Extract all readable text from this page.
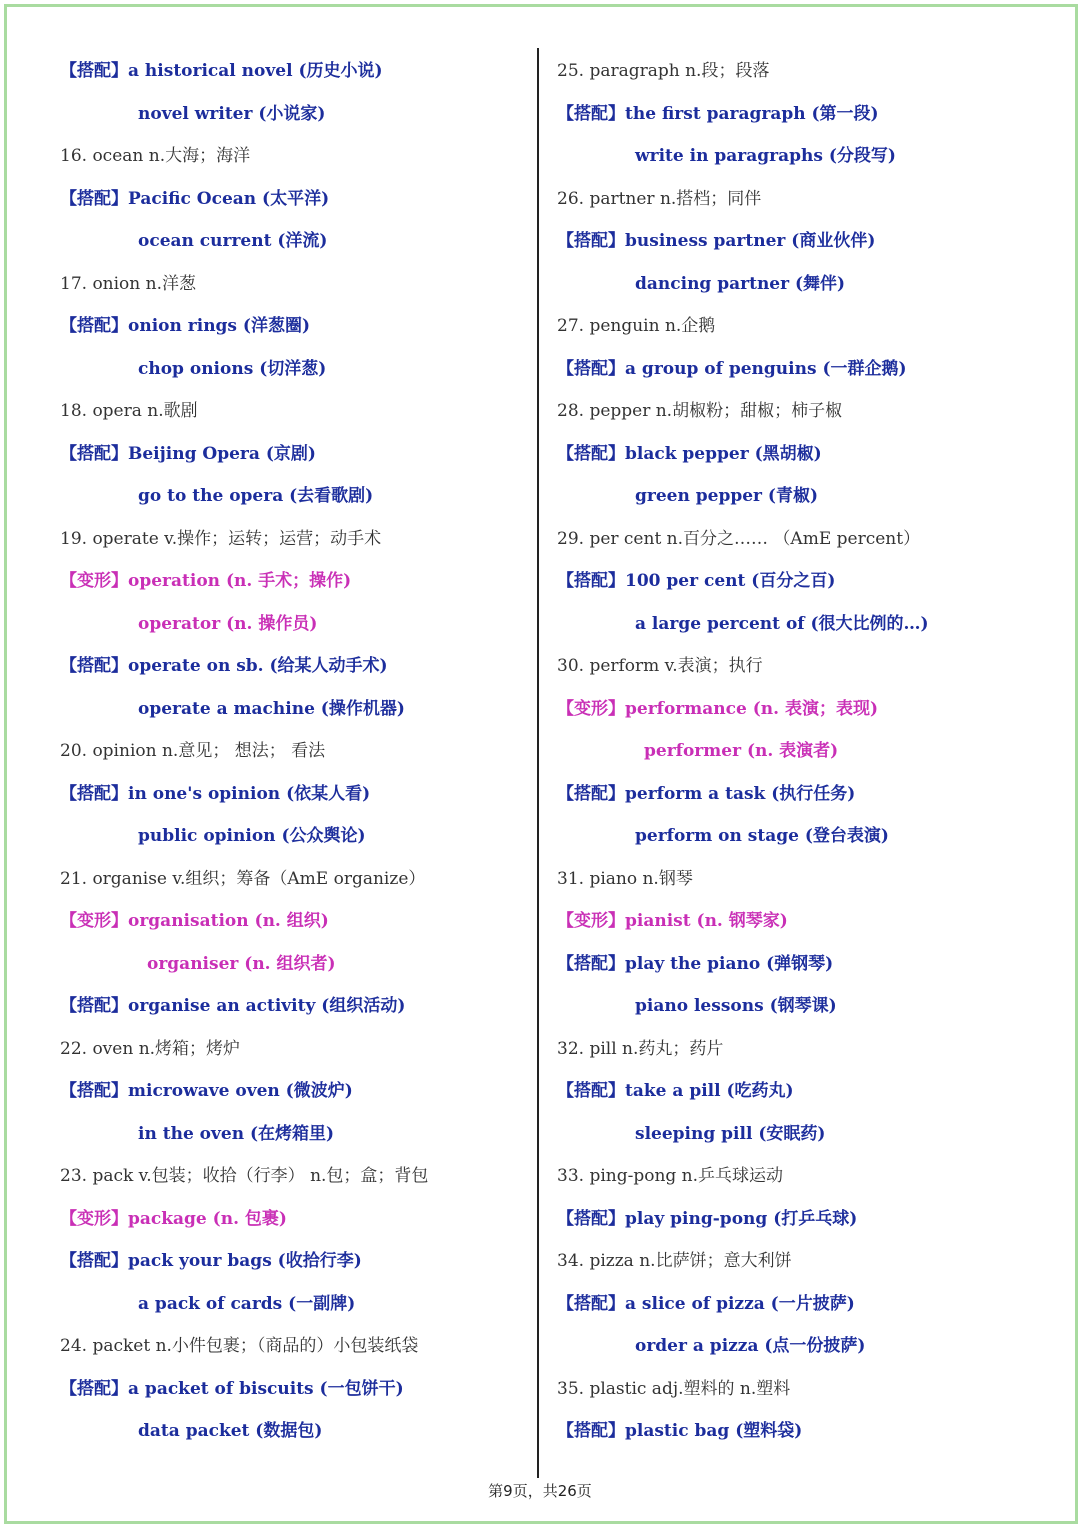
【搭配】a historical novel (历史小说)
novel writer (小说家)
16. ocean n.大海；海洋
【搭配】Pacific Ocean (太平洋)
ocean current (洋流)
17. onion n.洋葱
【搭配】onion rings (洋葱圈)
chop onions (切洋葱)
18. opera n.歌剧
【搭配】Beijing Opera (京剧)
go to the opera (去看歌剧)
19. operate v.操作；运转；运营；动手术
【变形】operation (n. 手术；操作)
operator (n. 操作员)
【搭配】operate on sb. (给某人动手术)
operate a machine (操作机器)
20. opinion n.意见； 想法； 看法
【搭配】in one's opinion (依某人看)
public opinion (公众舆论)
21. organise v.组织；筹备（AmE organize）
【变形】organisation (n. 组织)
organiser (n. 组织者)
【搭配】organise an activity (组织活动)
22. oven n.烤箱；烤炉
【搭配】microwave oven (微波炉)
in the oven (在烤箱里)
23. pack v.包装；收拾（行李） n.包；盒；背包
【变形】package (n. 包裹)
【搭配】pack your bags (收拾行李)
a pack of cards (一副牌)
24. packet n.小件包裹；（商品的）小包装纸袋
【搭配】a packet of biscuits (一包饼干)
data packet (数据包)
25. paragraph n.段；段落
【搭配】the first paragraph (第一段)
write in paragraphs (分段写)
26. partner n.搭档；同伴
【搭配】business partner (商业伙伴)
dancing partner (舞伴)
27. penguin n.企鹅
【搭配】a group of penguins (一群企鹅)
28. pepper n.胡椒粉；甜椒；柿子椒
【搭配】black pepper (黑胡椒)
green pepper (青椒)
29. per cent n.百分之…… （AmE percent）
【搭配】100 per cent (百分之百)
a large percent of (很大比例的…)
30. perform v.表演；执行
【变形】performance (n. 表演；表现)
performer (n. 表演者)
【搭配】perform a task (执行任务)
perform on stage (登台表演)
31. piano n.钢琴
【变形】pianist (n. 钢琴家)
【搭配】play the piano (弹钢琴)
piano lessons (钢琴课)
32. pill n.药丸；药片
【搭配】take a pill (吃药丸)
sleeping pill (安眠药)
33. ping-pong n.乒乓球运动
【搭配】play ping-pong (打乒乓球)
34. pizza n.比萨饼；意大利饼
【搭配】a slice of pizza (一片披萨)
order a pizza (点一份披萨)
35. plastic adj.塑料的 n.塑料
【搭配】plastic bag (塑料袋)
第9页，共26页
